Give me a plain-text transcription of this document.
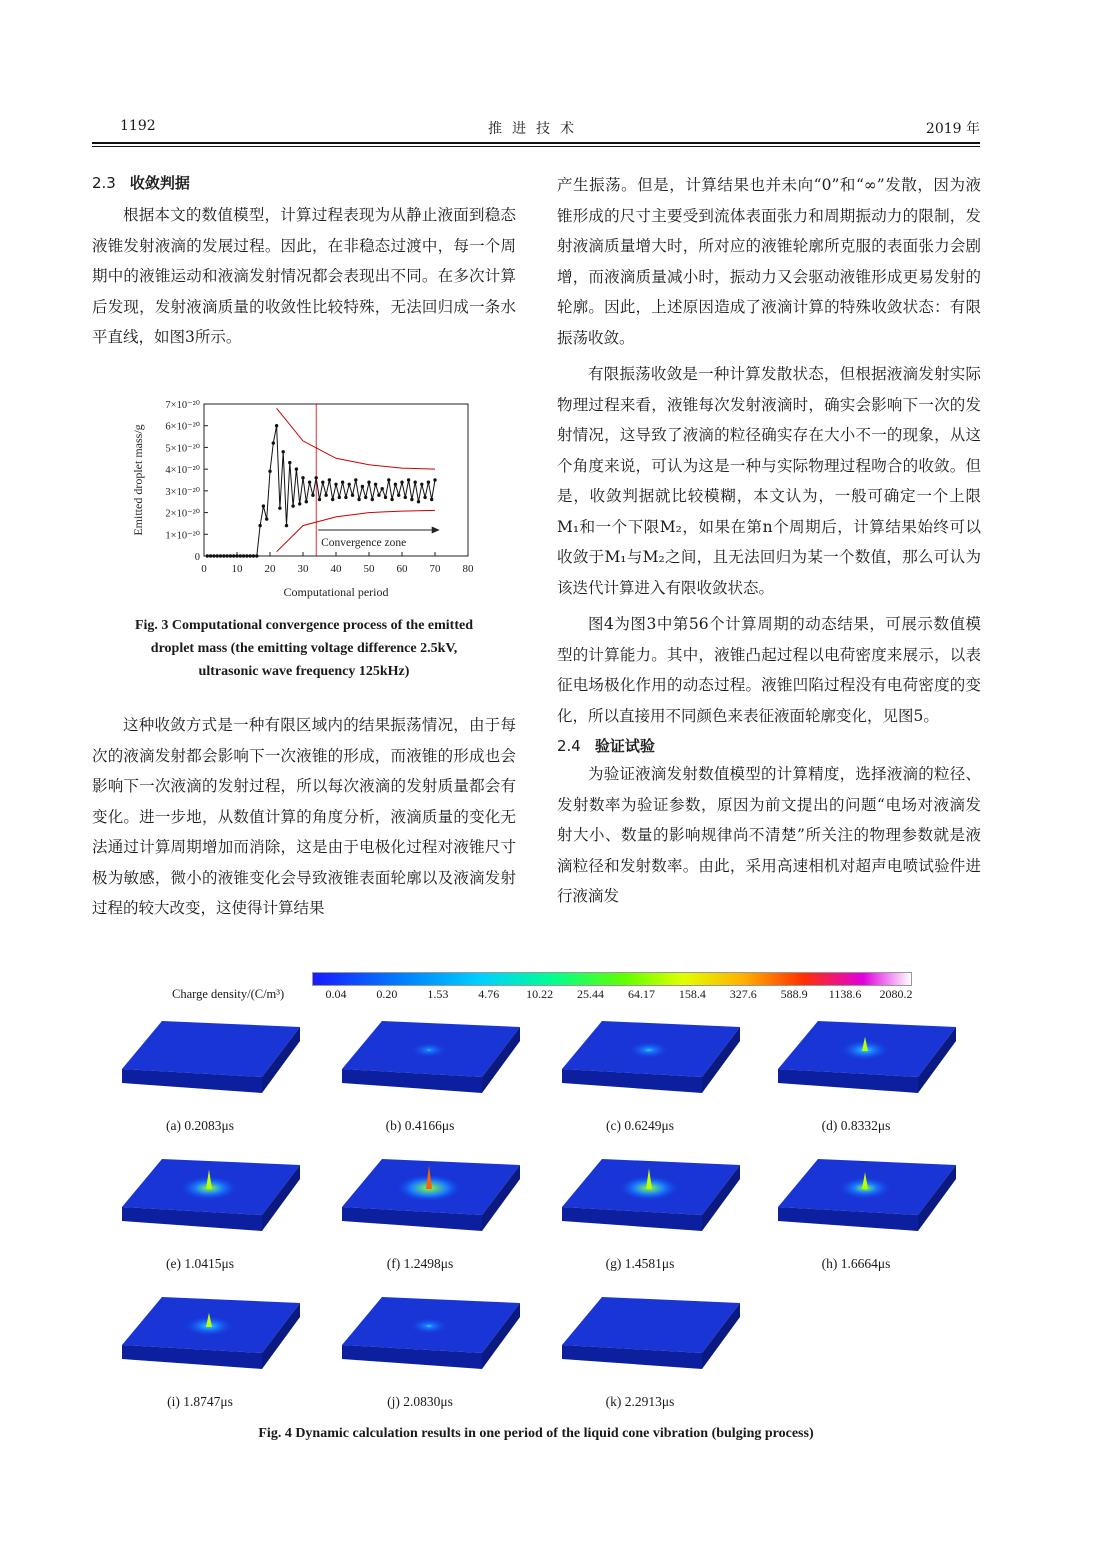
1192	推进技术	2019 年
2.3 收敛判据

根据本文的数值模型，计算过程表现为从静止液面到稳态液锥发射液滴的发展过程。因此，在非稳态过渡中，每一个周期中的液锥运动和液滴发射情况都会表现出不同。在多次计算后发现，发射液滴质量的收敛性比较特殊，无法回归成一条水平直线，如图3所示。

0 10 20 30 40 50 60 70 80
0
1×10⁻²⁰
2×10⁻²⁰
3×10⁻²⁰
4×10⁻²⁰
5×10⁻²⁰
6×10⁻²⁰
7×10⁻²⁰
Computational period
Emitted droplet mass/g
Convergence zone
Fig. 3 Computational convergence process of the emitted
droplet mass (the emitting voltage difference 2.5kV,
ultrasonic wave frequency 125kHz)

这种收敛方式是一种有限区域内的结果振荡情况，由于每次的液滴发射都会影响下一次液锥的形成，而液锥的形成也会影响下一次液滴的发射过程，所以每次液滴的发射质量都会有变化。进一步地，从数值计算的角度分析，液滴质量的变化无法通过计算周期增加而消除，这是由于电极化过程对液锥尺寸极为敏感，微小的液锥变化会导致液锥表面轮廓以及液滴发射过程的较大改变，这使得计算结果

产生振荡。但是，计算结果也并未向“0”和“∞”发散，因为液锥形成的尺寸主要受到流体表面张力和周期振动力的限制，发射液滴质量增大时，所对应的液锥轮廓所克服的表面张力会剧增，而液滴质量减小时，振动力又会驱动液锥形成更易发射的轮廓。因此，上述原因造成了液滴计算的特殊收敛状态：有限振荡收敛。

有限振荡收敛是一种计算发散状态，但根据液滴发射实际物理过程来看，液锥每次发射液滴时，确实会影响下一次的发射情况，这导致了液滴的粒径确实存在大小不一的现象，从这个角度来说，可认为这是一种与实际物理过程吻合的收敛。但是，收敛判据就比较模糊，本文认为，一般可确定一个上限M₁和一个下限M₂，如果在第n个周期后，计算结果始终可以收敛于M₁与M₂之间，且无法回归为某一个数值，那么可认为该迭代计算进入有限收敛状态。

图4为图3中第56个计算周期的动态结果，可展示数值模型的计算能力。其中，液锥凸起过程以电荷密度来展示，以表征电场极化作用的动态过程。液锥凹陷过程没有电荷密度的变化，所以直接用不同颜色来表征液面轮廓变化，见图5。

2.4 验证试验

为验证液滴发射数值模型的计算精度，选择液滴的粒径、发射数率为验证参数，原因为前文提出的问题“电场对液滴发射大小、数量的影响规律尚不清楚”所关注的物理参数就是液滴粒径和发射数率。由此，采用高速相机对超声电喷试验件进行液滴发

Charge density/(C/m³)	0.04 0.20 1.53 4.76 10.22 25.44 64.17 158.4 327.6 588.9 1138.6 2080.2
(a) 0.2083μs	(b) 0.4166μs	(c) 0.6249μs	(d) 0.8332μs
(e) 1.0415μs	(f) 1.2498μs	(g) 1.4581μs	(h) 1.6664μs
(i) 1.8747μs	(j) 2.0830μs	(k) 2.2913μs
Fig. 4 Dynamic calculation results in one period of the liquid cone vibration (bulging process)
